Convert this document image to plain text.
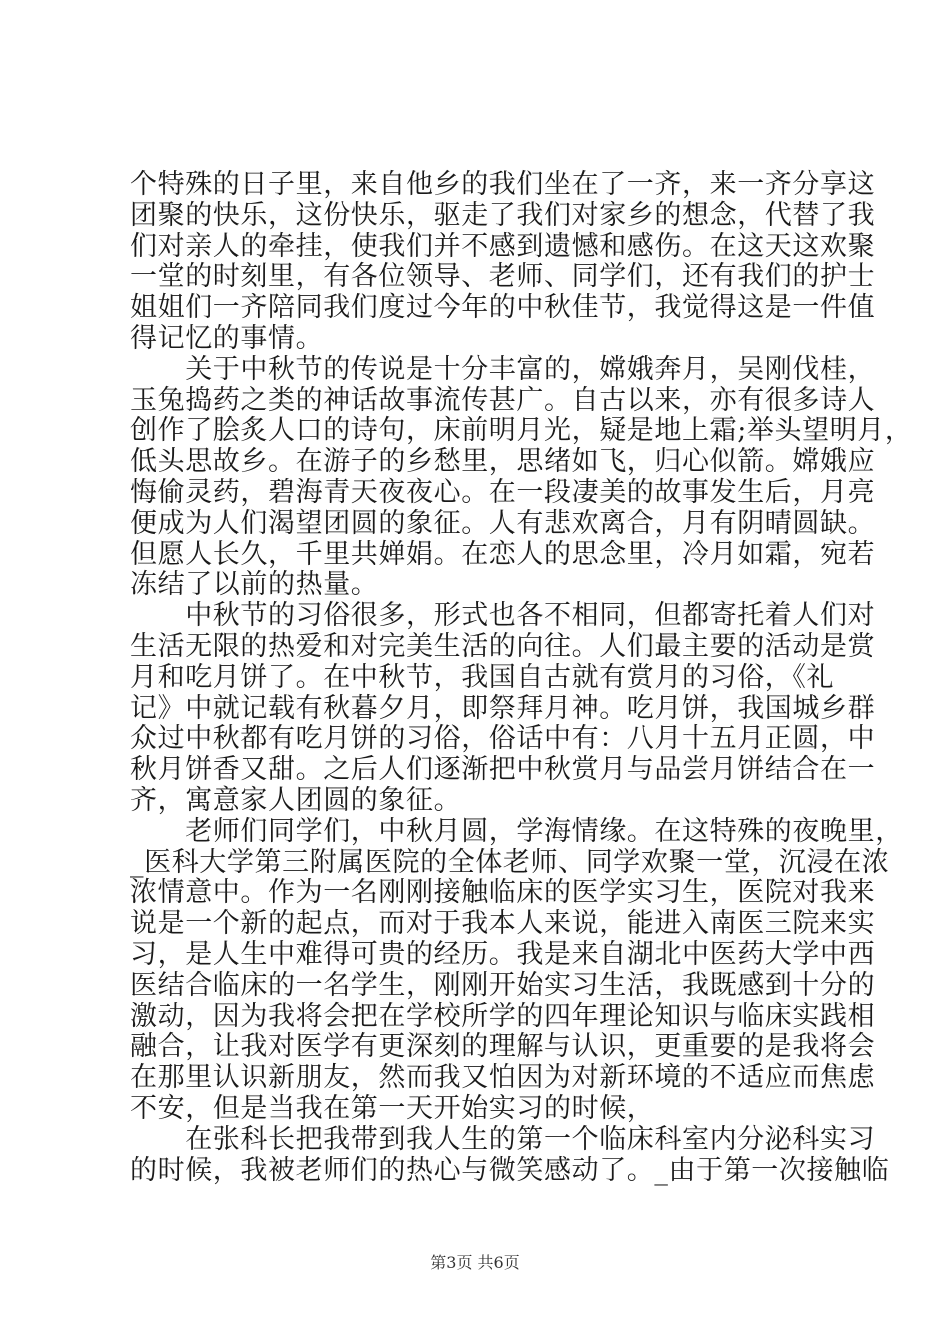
个特殊的日子里，来自他乡的我们坐在了一齐，来一齐分享这
团聚的快乐，这份快乐，驱走了我们对家乡的想念，代替了我
们对亲人的牵挂，使我们并不感到遗憾和感伤。在这天这欢聚
一堂的时刻里，有各位领导、老师、同学们，还有我们的护士
姐姐们一齐陪同我们度过今年的中秋佳节，我觉得这是一件值
得记忆的事情。
　　关于中秋节的传说是十分丰富的，嫦娥奔月，吴刚伐桂，
玉兔捣药之类的神话故事流传甚广。自古以来，亦有很多诗人
创作了脍炙人口的诗句，床前明月光，疑是地上霜;举头望明月，
低头思故乡。在游子的乡愁里，思绪如飞，归心似箭。嫦娥应
悔偷灵药，碧海青天夜夜心。在一段凄美的故事发生后，月亮
便成为人们渴望团圆的象征。人有悲欢离合，月有阴晴圆缺。
但愿人长久，千里共婵娟。在恋人的思念里，冷月如霜，宛若
冻结了以前的热量。
　　中秋节的习俗很多，形式也各不相同，但都寄托着人们对
生活无限的热爱和对完美生活的向往。人们最主要的活动是赏
月和吃月饼了。在中秋节，我国自古就有赏月的习俗，《礼
记》中就记载有秋暮夕月，即祭拜月神。吃月饼，我国城乡群
众过中秋都有吃月饼的习俗，俗话中有：八月十五月正圆，中
秋月饼香又甜。之后人们逐渐把中秋赏月与品尝月饼结合在一
齐，寓意家人团圆的象征。
　　老师们同学们，中秋月圆，学海情缘。在这特殊的夜晚里，
_医科大学第三附属医院的全体老师、同学欢聚一堂，沉浸在浓
浓情意中。作为一名刚刚接触临床的医学实习生，医院对我来
说是一个新的起点，而对于我本人来说，能进入南医三院来实
习，是人生中难得可贵的经历。我是来自湖北中医药大学中西
医结合临床的一名学生，刚刚开始实习生活，我既感到十分的
激动，因为我将会把在学校所学的四年理论知识与临床实践相
融合，让我对医学有更深刻的理解与认识，更重要的是我将会
在那里认识新朋友，然而我又怕因为对新环境的不适应而焦虑
不安，但是当我在第一天开始实习的时候，
　　在张科长把我带到我人生的第一个临床科室内分泌科实习
的时候，我被老师们的热心与微笑感动了。_由于第一次接触临
第3页 共6页
